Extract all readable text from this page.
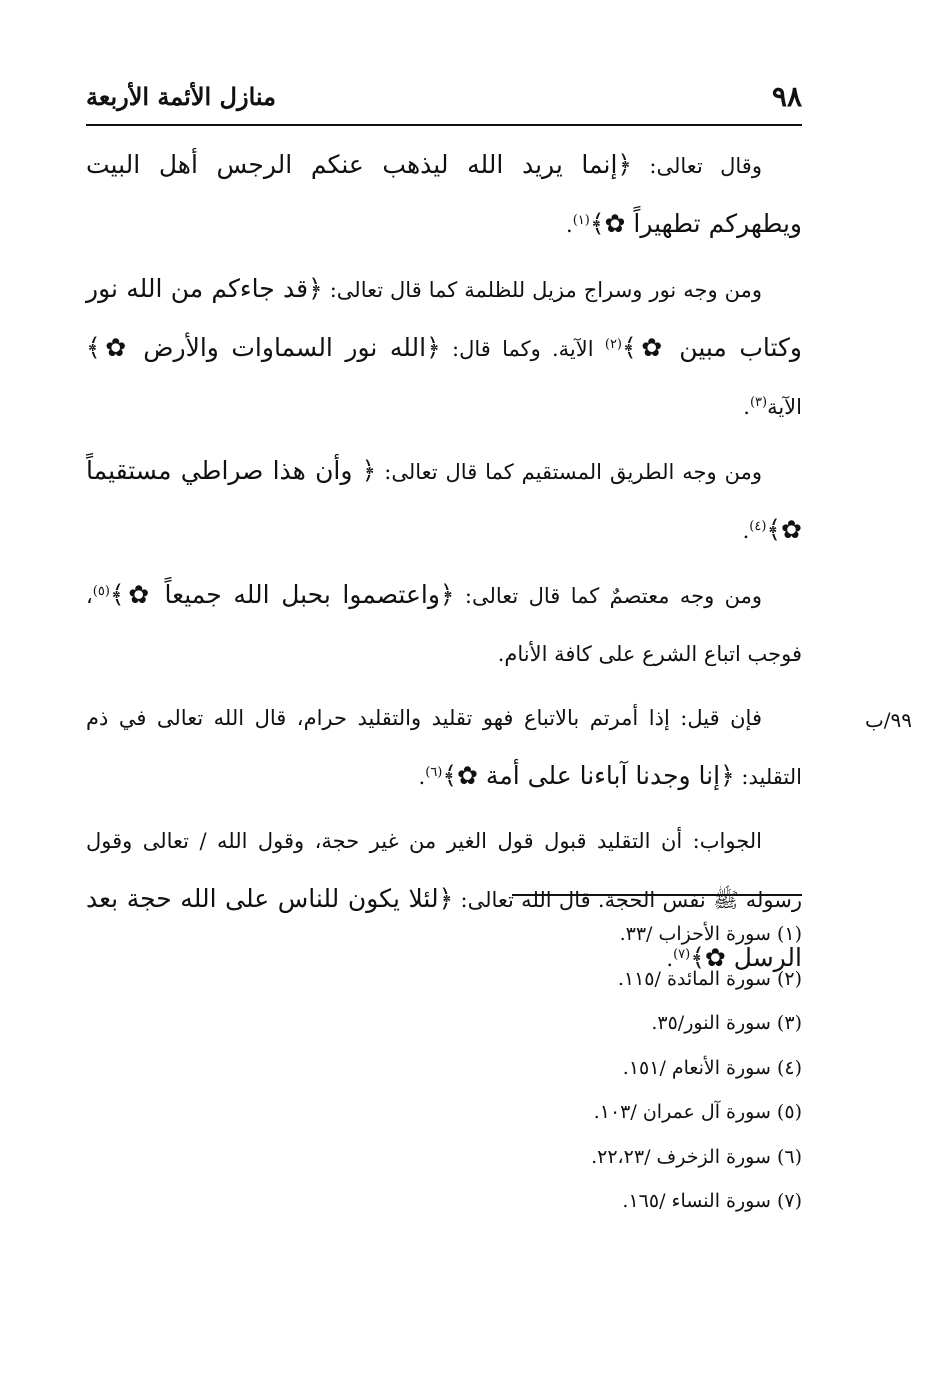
٩٨
منازل الأئمة الأربعة

وقال تعالى: ﴿إنما يريد الله ليذهب عنكم الرجس أهل البيت ويطهركم تطهيراً ✿﴾$^{(١)}$.

ومن وجه نور وسراج مزيل للظلمة كما قال تعالى: ﴿قد جاءكم من الله نور وكتاب مبين ✿﴾$^{(٢)}$ الآية. وكما قال: ﴿الله نور السماوات والأرض ✿﴾ الآية$^{(٣)}$.

ومن وجه الطريق المستقيم كما قال تعالى: ﴿ وأن هذا صراطي مستقيماً ✿﴾$^{(٤)}$.

ومن وجه معتصمٌ كما قال تعالى: ﴿واعتصموا بحبل الله جميعاً ✿﴾$^{(٥)}$، فوجب اتباع الشرع على كافة الأنام.

فإن قيل: إذا أمرتم بالاتباع فهو تقليد والتقليد حرام، قال الله تعالى في ذم التقليد: ﴿إنا وجدنا آباءنا على أمة ✿﴾$^{(٦)}$.

الجواب: أن التقليد قبول قول الغير من غير حجة، وقول الله / تعالى وقول رسوله ﷺ نفس الحجة. قال الله تعالى: ﴿لئلا يكون للناس على الله حجة بعد الرسل ✿﴾$^{(٧)}$.

٩٩/ب
(١) سورة الأحزاب /٣٣.
(٢) سورة المائدة /١١٥.
(٣) سورة النور/٣٥.
(٤) سورة الأنعام /١٥١.
(٥) سورة آل عمران /١٠٣.
(٦) سورة الزخرف /٢٢،٢٣.
(٧) سورة النساء /١٦٥.
